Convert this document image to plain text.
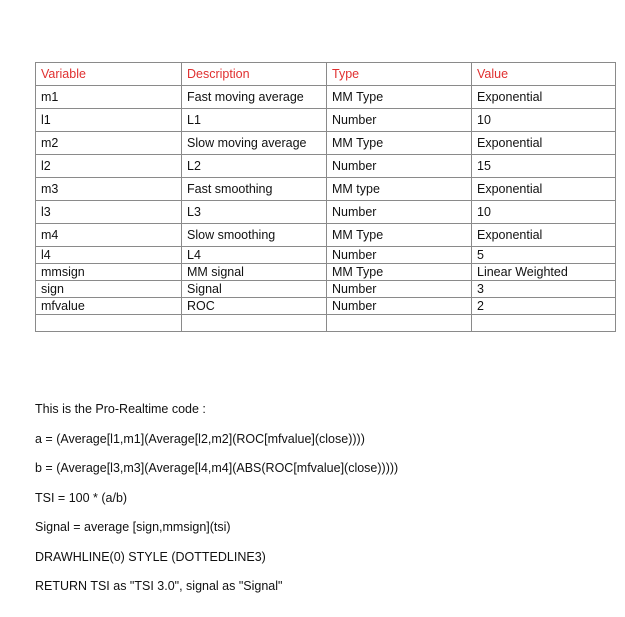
Variable	Description	Type	Value
m1	Fast moving average	MM Type	Exponential
l1	L1	Number	10
m2	Slow moving average	MM Type	Exponential
l2	L2	Number	15
m3	Fast smoothing	MM type	Exponential
l3	L3	Number	10
m4	Slow smoothing	MM Type	Exponential
l4	L4	Number	5
mmsign	MM signal	MM Type	Linear Weighted
sign	Signal	Number	3
mfvalue	ROC	Number	2

This is the Pro-Realtime code :
a = (Average[l1,m1](Average[l2,m2](ROC[mfvalue](close))))
b = (Average[l3,m3](Average[l4,m4](ABS(ROC[mfvalue](close)))))
TSI = 100 * (a/b)
Signal = average [sign,mmsign](tsi)
DRAWHLINE(0) STYLE (DOTTEDLINE3)
RETURN TSI as "TSI 3.0", signal as "Signal"
